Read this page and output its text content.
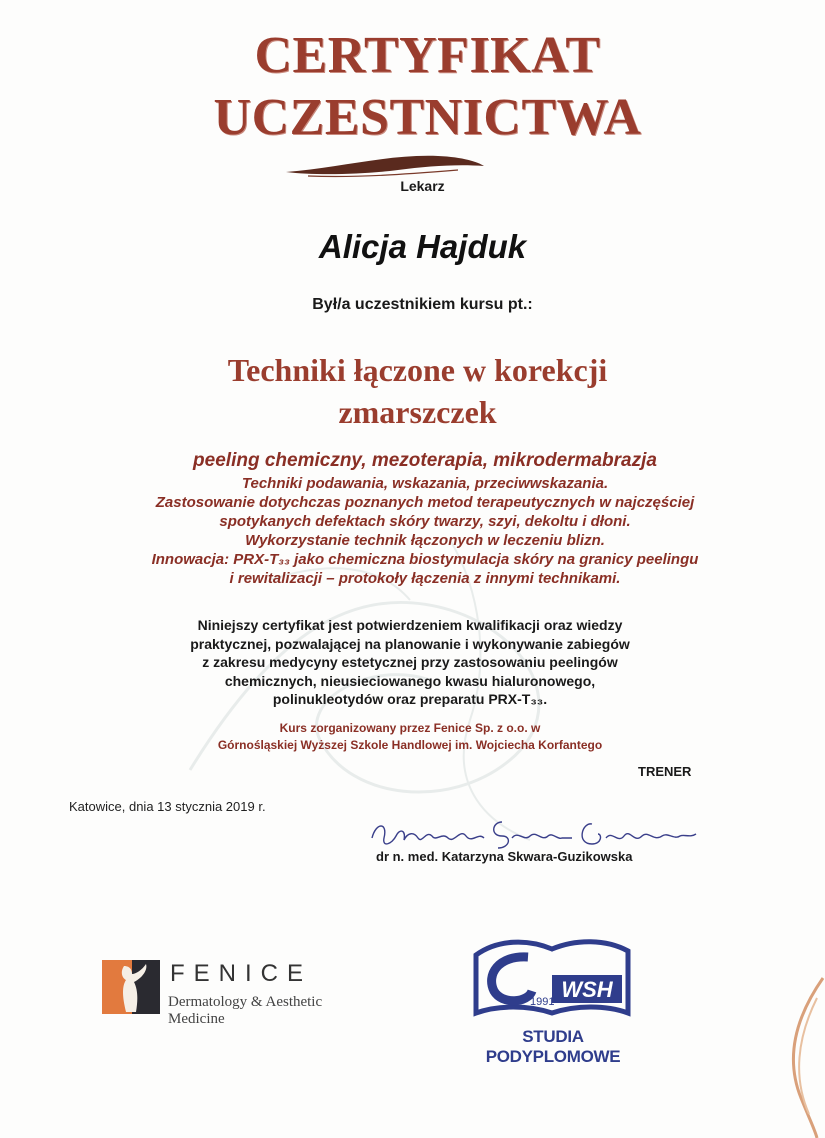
CERTYFIKAT
UCZESTNICTWA
Lekarz
Alicja Hajduk
Był/a uczestnikiem kursu pt.:
Techniki łączone w korekcji
zmarszczek
peeling chemiczny, mezoterapia, mikrodermabrazja
Techniki podawania, wskazania, przeciwwskazania.
Zastosowanie dotychczas poznanych metod terapeutycznych w najczęściej
spotykanych defektach skóry twarzy, szyi, dekoltu i dłoni.
Wykorzystanie technik łączonych w leczeniu blizn.
Innowacja: PRX-T₃₃ jako chemiczna biostymulacja skóry na granicy peelingu
i rewitalizacji – protokoły łączenia z innymi technikami.
Niniejszy certyfikat jest potwierdzeniem kwalifikacji oraz wiedzy
praktycznej, pozwalającej na planowanie i wykonywanie zabiegów
z zakresu medycyny estetycznej przy zastosowaniu peelingów
chemicznych, nieusieciowanego kwasu hialuronowego,
polinukleotydów oraz preparatu PRX-T₃₃.
Kurs zorganizowany przez Fenice Sp. z o.o. w
Górnośląskiej Wyższej Szkole Handlowej im. Wojciecha Korfantego
TRENER
Katowice, dnia 13 stycznia 2019 r.
dr n. med. Katarzyna Skwara-Guzikowska
FENICE
Dermatology & Aesthetic Medicine
WSH
1991
STUDIA PODYPLOMOWE
